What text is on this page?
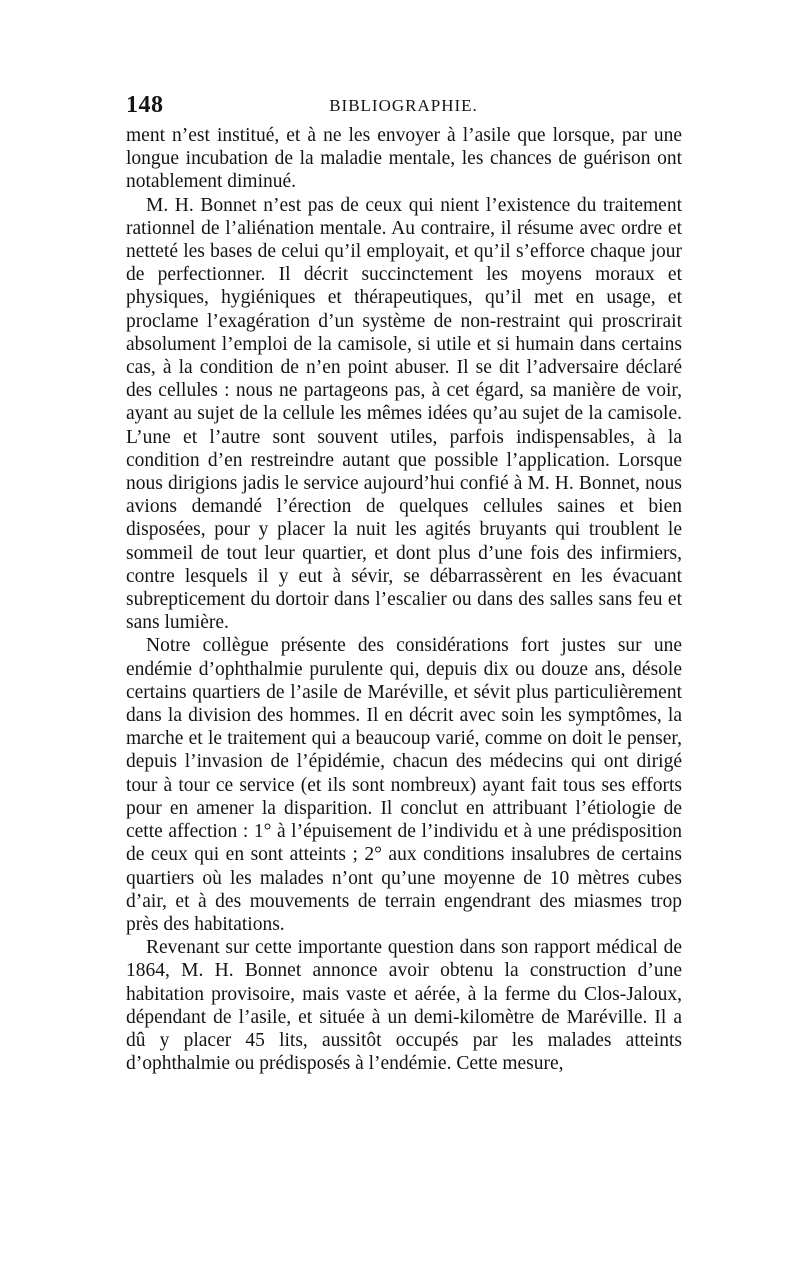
148	BIBLIOGRAPHIE.

ment n’est institué, et à ne les envoyer à l’asile que lorsque, par une longue incubation de la maladie mentale, les chances de guérison ont notablement diminué.

M. H. Bonnet n’est pas de ceux qui nient l’existence du traitement rationnel de l’aliénation mentale. Au contraire, il résume avec ordre et netteté les bases de celui qu’il employait, et qu’il s’efforce chaque jour de perfectionner. Il décrit succinctement les moyens moraux et physiques, hygiéniques et thérapeutiques, qu’il met en usage, et proclame l’exagération d’un système de non-restraint qui proscrirait absolument l’emploi de la camisole, si utile et si humain dans certains cas, à la condition de n’en point abuser. Il se dit l’adversaire déclaré des cellules : nous ne partageons pas, à cet égard, sa manière de voir, ayant au sujet de la cellule les mêmes idées qu’au sujet de la camisole. L’une et l’autre sont souvent utiles, parfois indispensables, à la condition d’en restreindre autant que possible l’application. Lorsque nous dirigions jadis le service aujourd’hui confié à M. H. Bonnet, nous avions demandé l’érection de quelques cellules saines et bien disposées, pour y placer la nuit les agités bruyants qui troublent le sommeil de tout leur quartier, et dont plus d’une fois des infirmiers, contre lesquels il y eut à sévir, se débarrassèrent en les évacuant subrepticement du dortoir dans l’escalier ou dans des salles sans feu et sans lumière.

Notre collègue présente des considérations fort justes sur une endémie d’ophthalmie purulente qui, depuis dix ou douze ans, désole certains quartiers de l’asile de Maréville, et sévit plus particulièrement dans la division des hommes. Il en décrit avec soin les symptômes, la marche et le traitement qui a beaucoup varié, comme on doit le penser, depuis l’invasion de l’épidémie, chacun des médecins qui ont dirigé tour à tour ce service (et ils sont nombreux) ayant fait tous ses efforts pour en amener la disparition. Il conclut en attribuant l’étiologie de cette affection : 1° à l’épuisement de l’individu et à une prédisposition de ceux qui en sont atteints ; 2° aux conditions insalubres de certains quartiers où les malades n’ont qu’une moyenne de 10 mètres cubes d’air, et à des mouvements de terrain engendrant des miasmes trop près des habitations.

Revenant sur cette importante question dans son rapport médical de 1864, M. H. Bonnet annonce avoir obtenu la construction d’une habitation provisoire, mais vaste et aérée, à la ferme du Clos-Jaloux, dépendant de l’asile, et située à un demi-kilomètre de Maréville. Il a dû y placer 45 lits, aussitôt occupés par les malades atteints d’ophthalmie ou prédisposés à l’endémie. Cette mesure,
